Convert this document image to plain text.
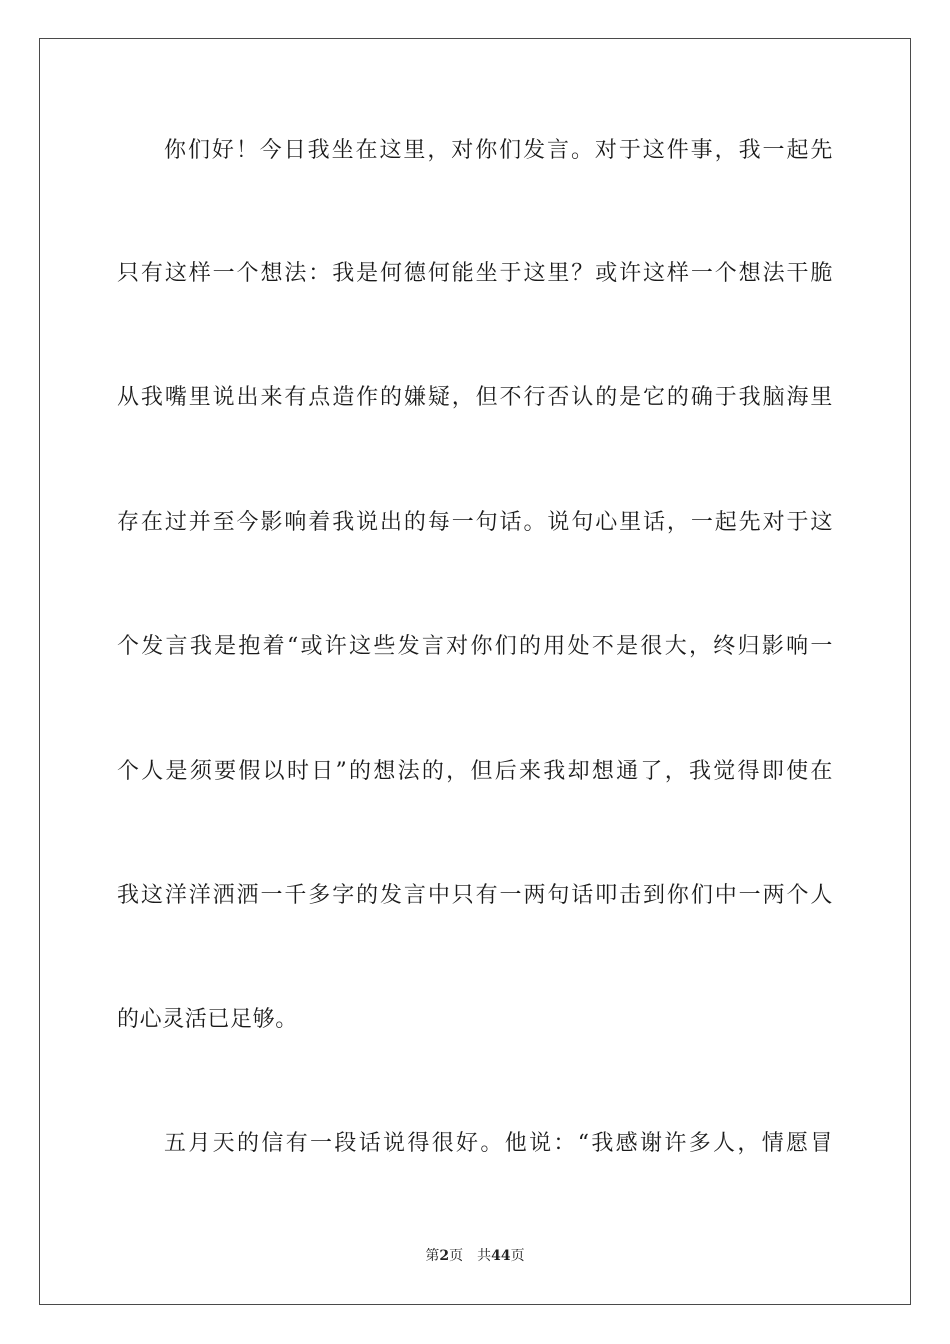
你们好！今日我坐在这里，对你们发言。对于这件事，我一起先
只有这样一个想法：我是何德何能坐于这里？或许这样一个想法干脆
从我嘴里说出来有点造作的嫌疑，但不行否认的是它的确于我脑海里
存在过并至今影响着我说出的每一句话。说句心里话，一起先对于这
个发言我是抱着“或许这些发言对你们的用处不是很大，终归影响一
个人是须要假以时日”的想法的，但后来我却想通了，我觉得即使在
我这洋洋洒洒一千多字的发言中只有一两句话叩击到你们中一两个人
的心灵活已足够。
五月天的信有一段话说得很好。他说：“我感谢许多人，情愿冒
第2页 共44页
